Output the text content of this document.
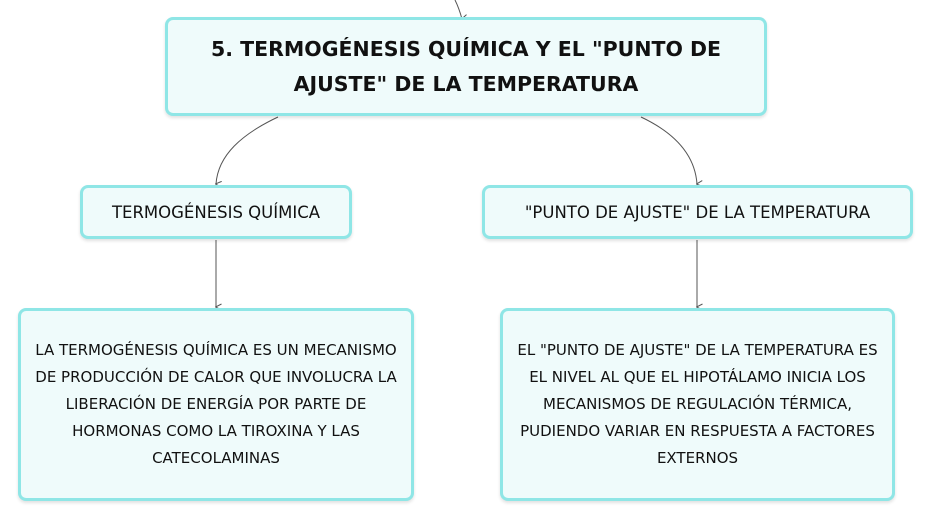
5. TERMOGÉNESIS QUÍMICA Y EL "PUNTO DE AJUSTE" DE LA TEMPERATURA
TERMOGÉNESIS QUÍMICA	"PUNTO DE AJUSTE" DE LA TEMPERATURA
LA TERMOGÉNESIS QUÍMICA ES UN MECANISMO DE PRODUCCIÓN DE CALOR QUE INVOLUCRA LA LIBERACIÓN DE ENERGÍA POR PARTE DE HORMONAS COMO LA TIROXINA Y LAS CATECOLAMINAS
EL "PUNTO DE AJUSTE" DE LA TEMPERATURA ES EL NIVEL AL QUE EL HIPOTÁLAMO INICIA LOS MECANISMOS DE REGULACIÓN TÉRMICA, PUDIENDO VARIAR EN RESPUESTA A FACTORES EXTERNOS
